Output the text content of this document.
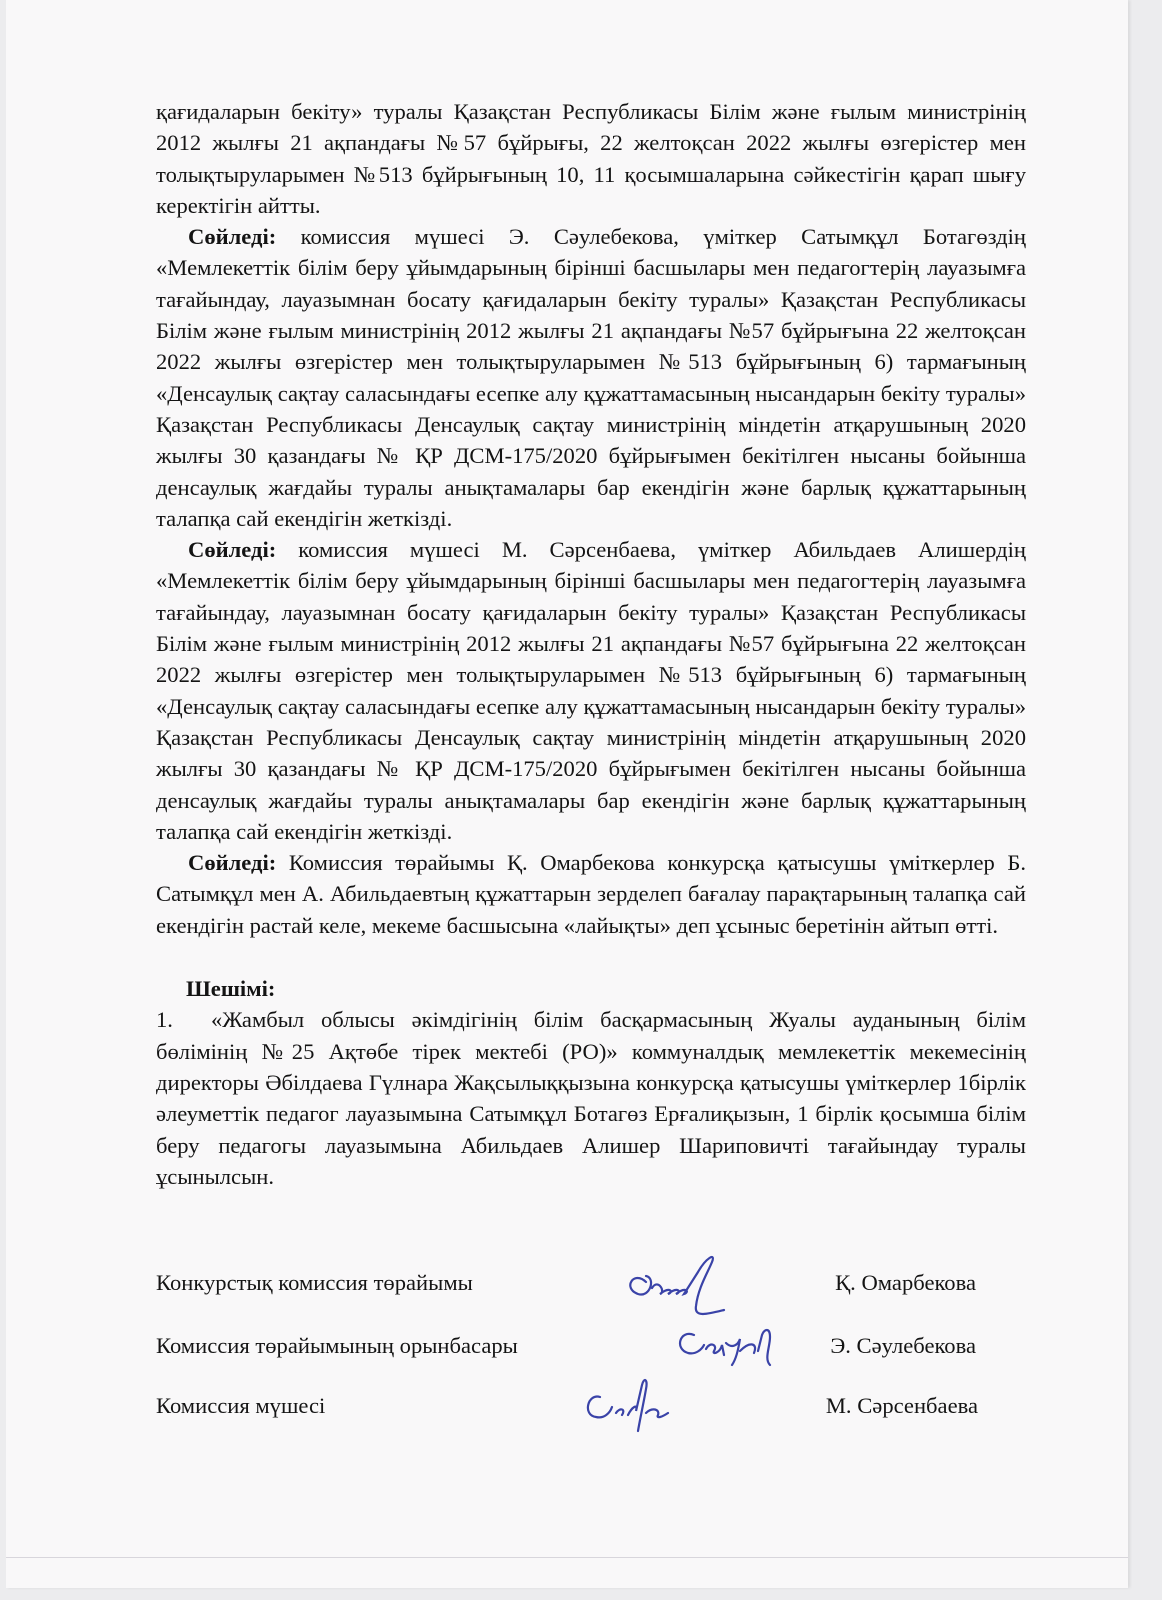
қағидаларын бекіту» туралы Қазақстан Республикасы Білім және ғылым министрінің 2012 жылғы 21 ақпандағы №57 бұйрығы, 22 желтоқсан 2022 жылғы өзгерістер мен толықтыруларымен №513 бұйрығының 10, 11 қосымшаларына сәйкестігін қарап шығу керектігін айтты.

Сөйледі: комиссия мүшесі Э. Сәулебекова, үміткер Сатымқұл Ботагөздің «Мемлекеттік білім беру ұйымдарының бірінші басшылары мен педагогтерің лауазымға тағайындау, лауазымнан босату қағидаларын бекіту туралы» Қазақстан Республикасы Білім және ғылым министрінің 2012 жылғы 21 ақпандағы №57 бұйрығына 22 желтоқсан 2022 жылғы өзгерістер мен толықтыруларымен №513 бұйрығының 6) тармағының «Денсаулық сақтау саласындағы есепке алу құжаттамасының нысандарын бекіту туралы» Қазақстан Республикасы Денсаулық сақтау министрінің міндетін атқарушының 2020 жылғы 30 қазандағы № ҚР ДСМ-175/2020 бұйрығымен бекітілген нысаны бойынша денсаулық жағдайы туралы анықтамалары бар екендігін және барлық құжаттарының талапқа сай екендігін жеткізді.

Сөйледі: комиссия мүшесі М. Сәрсенбаева, үміткер Абильдаев Алишердің «Мемлекеттік білім беру ұйымдарының бірінші басшылары мен педагогтерің лауазымға тағайындау, лауазымнан босату қағидаларын бекіту туралы» Қазақстан Республикасы Білім және ғылым министрінің 2012 жылғы 21 ақпандағы №57 бұйрығына 22 желтоқсан 2022 жылғы өзгерістер мен толықтыруларымен №513 бұйрығының 6) тармағының «Денсаулық сақтау саласындағы есепке алу құжаттамасының нысандарын бекіту туралы» Қазақстан Республикасы Денсаулық сақтау министрінің міндетін атқарушының 2020 жылғы 30 қазандағы № ҚР ДСМ-175/2020 бұйрығымен бекітілген нысаны бойынша денсаулық жағдайы туралы анықтамалары бар екендігін және барлық құжаттарының талапқа сай екендігін жеткізді.

Сөйледі: Комиссия төрайымы Қ. Омарбекова конкурсқа қатысушы үміткерлер Б. Сатымқұл мен А. Абильдаевтың құжаттарын зерделеп бағалау парақтарының талапқа сай екендігін растай келе, мекеме басшысына «лайықты» деп ұсыныс беретінін айтып өтті.

Шешімі:

1. «Жамбыл облысы әкімдігінің білім басқармасының Жуалы ауданының білім бөлімінің №25 Ақтөбе тірек мектебі (РО)» коммуналдық мемлекеттік мекемесінің директоры Әбілдаева Гүлнара Жақсылыққызына конкурсқа қатысушы үміткерлер 1бірлік әлеуметтік педагог лауазымына Сатымқұл Ботагөз Ерғалиқызын, 1 бірлік қосымша білім беру педагогы лауазымына Абильдаев Алишер Шариповичті тағайындау туралы ұсынылсын.

Конкурстық комиссия төрайымы	Қ. Омарбекова
Комиссия төрайымының орынбасары	Э. Сәулебекова
Комиссия мүшесі	М. Сәрсенбаева
